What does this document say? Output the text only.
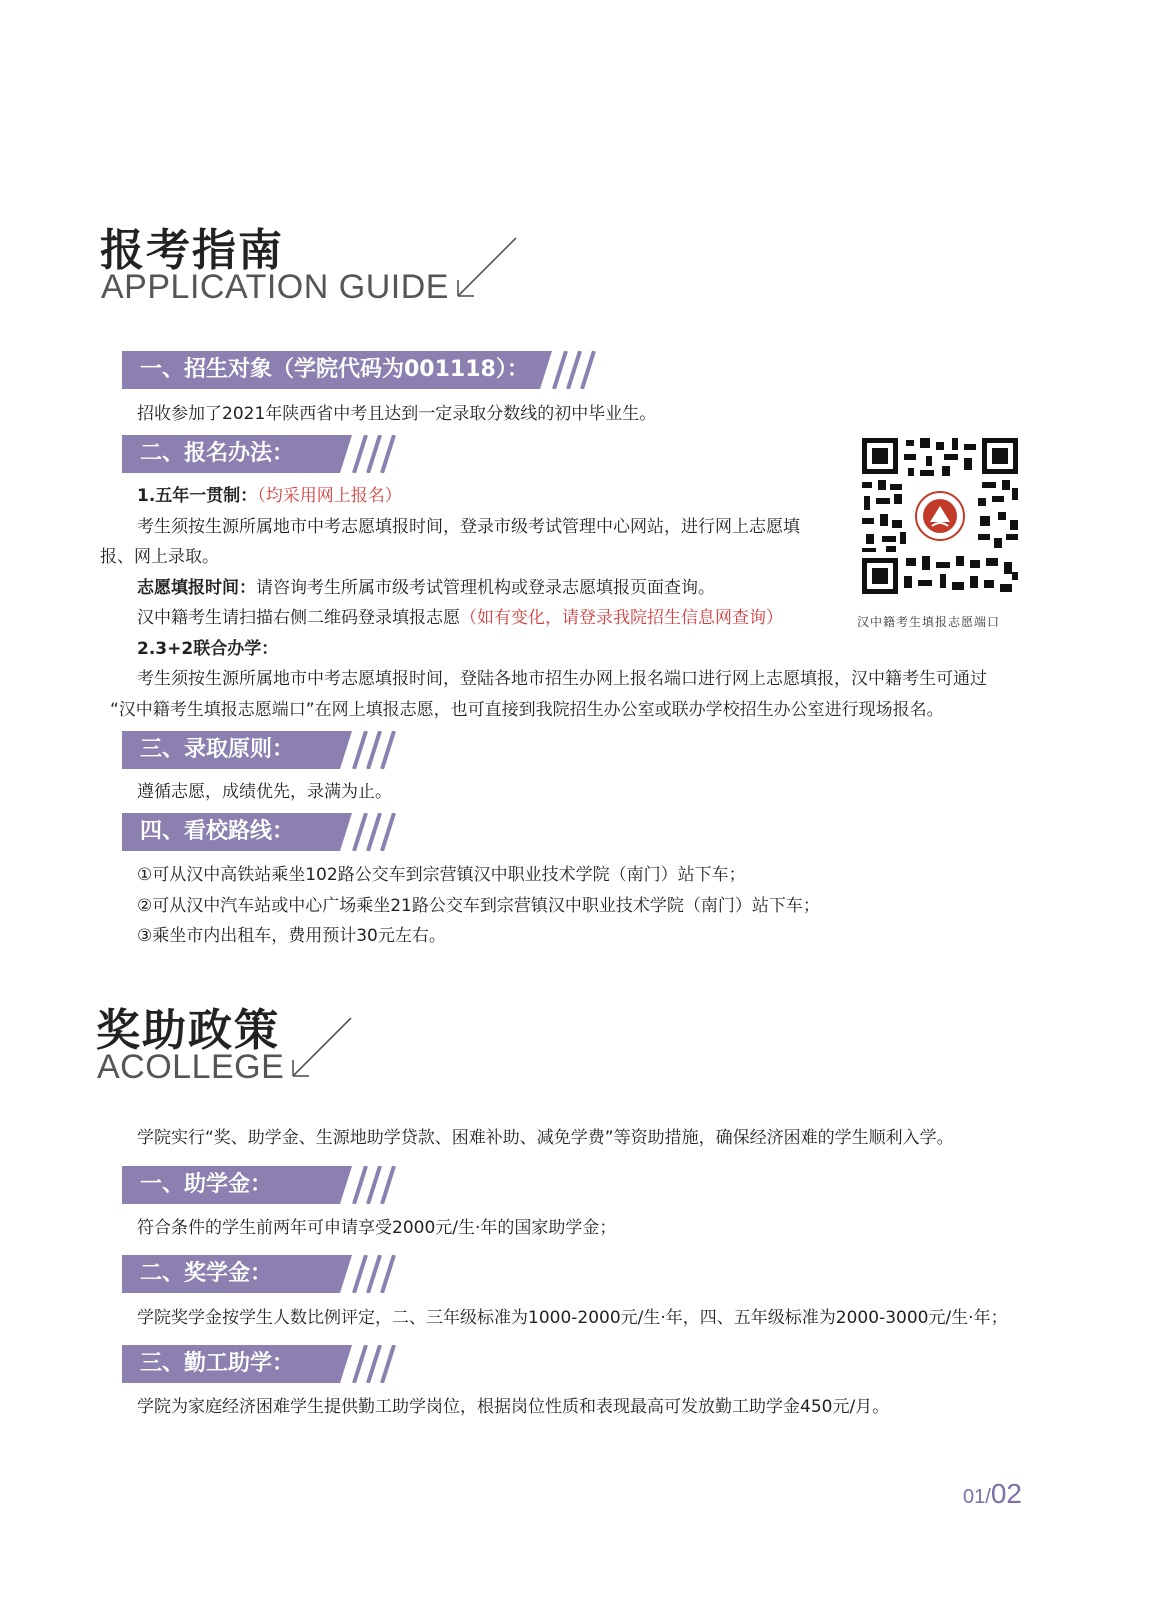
报考指南
APPLICATION GUIDE
一、招生对象（学院代码为001118）：
招收参加了2021年陕西省中考且达到一定录取分数线的初中毕业生。
二、报名办法：
1.五年一贯制：（均采用网上报名）
考生须按生源所属地市中考志愿填报时间，登录市级考试管理中心网站，进行网上志愿填
报、网上录取。
志愿填报时间：请咨询考生所属市级考试管理机构或登录志愿填报页面查询。
汉中籍考生请扫描右侧二维码登录填报志愿（如有变化，请登录我院招生信息网查询）
2.3+2联合办学：
考生须按生源所属地市中考志愿填报时间，登陆各地市招生办网上报名端口进行网上志愿填报，汉中籍考生可通过
“汉中籍考生填报志愿端口”在网上填报志愿，也可直接到我院招生办公室或联办学校招生办公室进行现场报名。
汉中籍考生填报志愿端口
三、录取原则：
遵循志愿，成绩优先，录满为止。
四、看校路线：
①可从汉中高铁站乘坐102路公交车到宗营镇汉中职业技术学院（南门）站下车；
②可从汉中汽车站或中心广场乘坐21路公交车到宗营镇汉中职业技术学院（南门）站下车；
③乘坐市内出租车，费用预计30元左右。
奖助政策
ACOLLEGE
学院实行“奖、助学金、生源地助学贷款、困难补助、减免学费”等资助措施，确保经济困难的学生顺利入学。
一、助学金：
符合条件的学生前两年可申请享受2000元/生·年的国家助学金；
二、奖学金：
学院奖学金按学生人数比例评定，二、三年级标准为1000-2000元/生·年，四、五年级标准为2000-3000元/生·年；
三、勤工助学：
学院为家庭经济困难学生提供勤工助学岗位，根据岗位性质和表现最高可发放勤工助学金450元/月。
01/02
